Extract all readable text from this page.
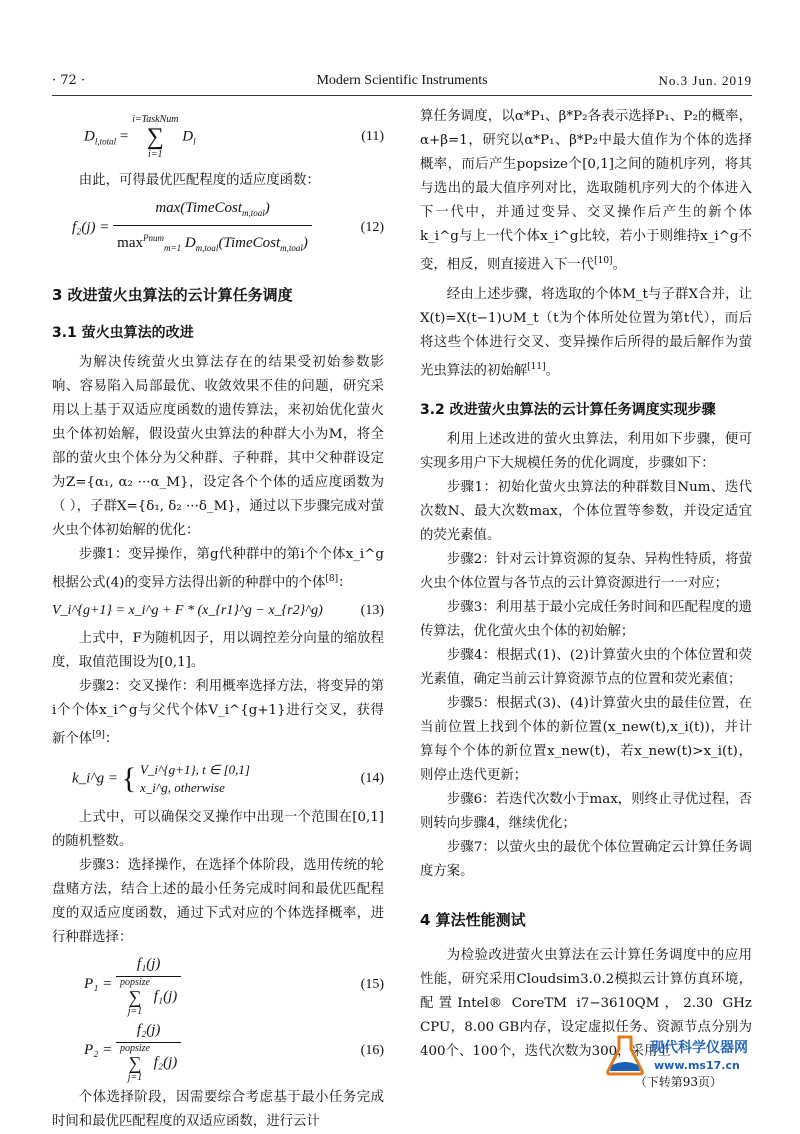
· 72 ·	Modern Scientific Instruments	No.3 Jun. 2019
$D_{l,total}$ = i=TaskNum
∑
i=1 $D_l$	(11)

由此，可得最优匹配程度的适应度函数：

$f_2(j) = \frac{\max(TimeCost_{m,toal})}{\max^{Pnum}_{m=1} D_{m,toal}(TimeCost_{m,toal})}$	(12)
3 改进萤火虫算法的云计算任务调度
3.1 萤火虫算法的改进

为解决传统萤火虫算法存在的结果受初始参数影响、容易陷入局部最优、收敛效果不佳的问题，研究采用以上基于双适应度函数的遗传算法，来初始优化萤火虫个体初始解，假设萤火虫算法的种群大小为M，将全部的萤火虫个体分为父种群、子种群，其中父种群设定为Z={α₁, α₂ ···α_M}，设定各个个体的适应度函数为（ ），子群X={δ₁, δ₂ ···δ_M}，通过以下步骤完成对萤火虫个体初始解的优化：

步骤1：变异操作，第g代种群中的第i个个体x_i^g根据公式(4)的变异方法得出新的种群中的个体[8]：

V_i^{g+1} = x_i^g + F * (x_{r1}^g − x_{r2}^g)	(13)

上式中，F为随机因子，用以调控差分向量的缩放程度，取值范围设为[0,1]。

步骤2：交叉操作：利用概率选择方法，将变异的第i个个体x_i^g与父代个体V_i^{g+1}进行交叉，获得新个体[9]：

k_i^g = { V_i^{g+1}, t ∈ [0,1]
x_i^g, otherwise
(14)

上式中，可以确保交叉操作中出现一个范围在[0,1]的随机整数。

步骤3：选择操作，在选择个体阶段，选用传统的轮盘赌方法，结合上述的最小任务完成时间和最优匹配程度的双适应度函数，通过下式对应的个体选择概率，进行种群选择：

P₁ =
f₁(j)
popsize
∑
j=1 f₁(j)
(15)
P₂ =
f₂(j)
popsize
∑
j=1 f₂(j)
(16)

个体选择阶段，因需要综合考虑基于最小任务完成时间和最优匹配程度的双适应函数，进行云计

算任务调度，以α*P₁、β*P₂各表示选择P₁、P₂的概率，α+β=1，研究以α*P₁、β*P₂中最大值作为个体的选择概率，而后产生popsize个[0,1]之间的随机序列，将其与选出的最大值序列对比，选取随机序列大的个体进入下一代中，并通过变异、交叉操作后产生的新个体k_i^g与上一代个体x_i^g比较，若小于则维持x_i^g不变，相反，则直接进入下一代[10]。

经由上述步骤，将选取的个体M_t与子群X合并，让X(t)=X(t−1)∪M_t（t为个体所处位置为第t代），而后将这些个体进行交叉、变异操作后所得的最后解作为萤光虫算法的初始解[11]。

3.2 改进萤火虫算法的云计算任务调度实现步骤

利用上述改进的萤火虫算法，利用如下步骤，便可实现多用户下大规模任务的优化调度，步骤如下：

步骤1：初始化萤火虫算法的种群数目Num、迭代次数N、最大次数max，个体位置等参数，并设定适宜的荧光素值。

步骤2：针对云计算资源的复杂、异构性特质，将萤火虫个体位置与各节点的云计算资源进行一一对应；

步骤3：利用基于最小完成任务时间和匹配程度的遗传算法，优化萤火虫个体的初始解；

步骤4：根据式(1)、(2)计算萤火虫的个体位置和荧光素值，确定当前云计算资源节点的位置和荧光素值；

步骤5：根据式(3)、(4)计算萤火虫的最佳位置，在当前位置上找到个体的新位置(x_new(t),x_i(t))，并计算每个个体的新位置x_new(t)，若x_new(t)>x_i(t)，则停止迭代更新；

步骤6：若迭代次数小于max，则终止寻优过程，否则转向步骤4，继续优化；

步骤7：以萤火虫的最优个体位置确定云计算任务调度方案。

4 算法性能测试

为检验改进萤火虫算法在云计算任务调度中的应用性能，研究采用Cloudsim3.0.2模拟云计算仿真环境，配置Intel® CoreTM i7−3610QM，2.30 GHz CPU，8.00 GB内存，设定虚拟任务、资源节点分别为400个、100个，迭代次数为300，采用上

（下转第93页）
现代科学仪器网
www.ms17.cn
